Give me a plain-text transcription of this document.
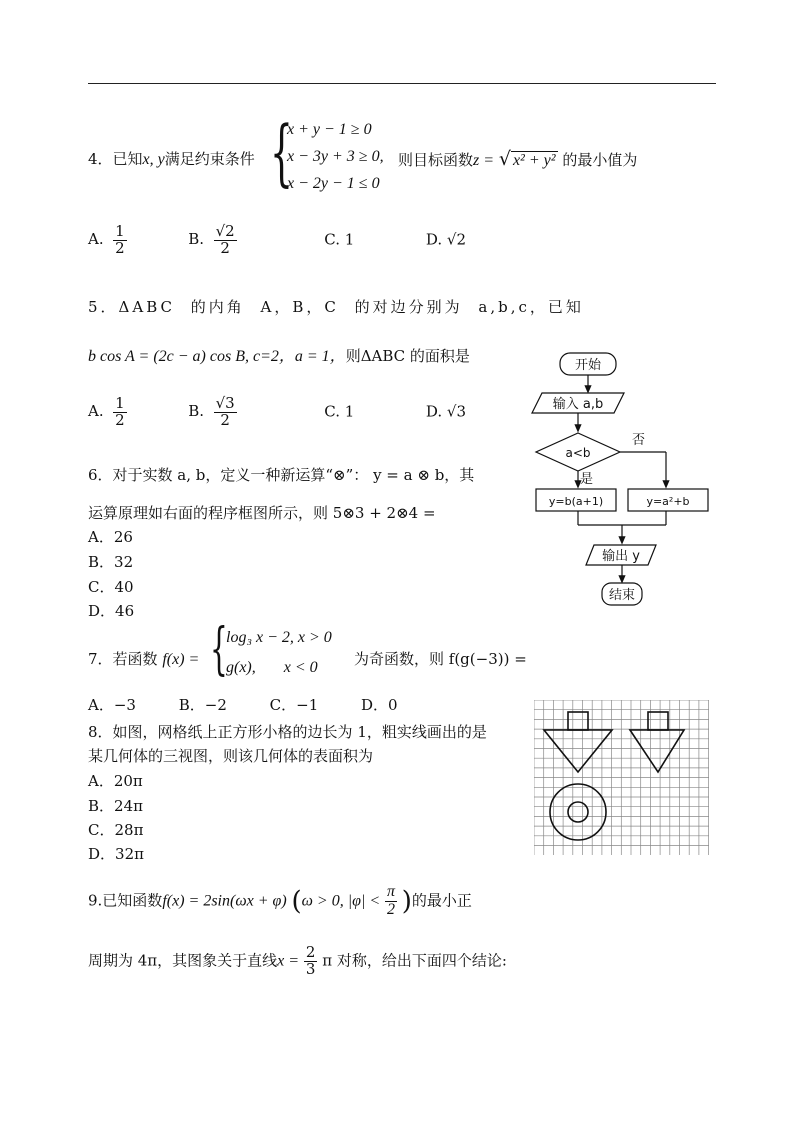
4．已知x, y满足约束条件 {
x + y − 1 ≥ 0
x − 3y + 3 ≥ 0,
x − 2y − 1 ≤ 0
则目标函数z = √ x² + y² 的最小值为
A. $\frac{1}{2}$	B. $\frac{√2}{2}$	C. 1	D. √2
5．ΔABC 的内角 A，B，C 的对边分别为 a,b,c，已知
b cos A = (2c − a) cos B, c=2，a = 1，则ΔABC 的面积是
A. $\frac{1}{2}$	B. $\frac{√3}{2}$	C. 1	D. √3
6．对于实数 a, b，定义一种新运算“⊗”： y = a ⊗ b，其
运算原理如右面的程序框图所示，则 5⊗3 + 2⊗4 =
A．26
B．32
C．40
D．46
开始
输入 a,b
a<b
否
是
y=b(a+1)	y=a²+b
输出 y
结束
7．若函数 f(x) = {
log₃ x − 2, x > 0
g(x),       x < 0 为奇函数，则 f(g(−3)) =
A．−3	B．−2	C．−1	D．0
8．如图，网格纸上正方形小格的边长为 1，粗实线画出的是
某几何体的三视图，则该几何体的表面积为
A．20π
B．24π
C．28π
D．32π
9.已知函数f(x) = 2sin(ωx + φ) (ω > 0, $|\varphi| < \frac{\pi}{2}$ )的最小正
周期为 4π，其图象关于直线$x = \frac{2}{3}$ π 对称，给出下面四个结论:
